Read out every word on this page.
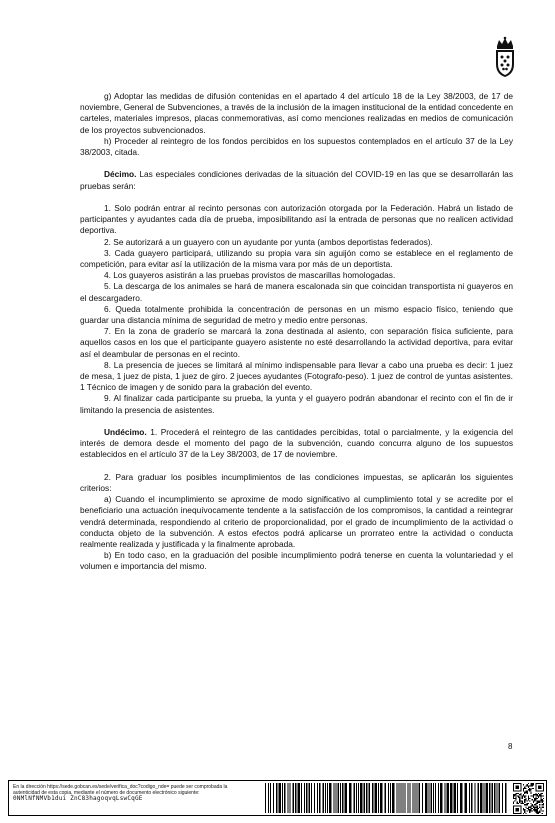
g) Adoptar las medidas de difusión contenidas en el apartado 4 del artículo 18 de la Ley 38/2003, de 17 de noviembre, General de Subvenciones, a través de la inclusión de la imagen institucional de la entidad concedente en carteles, materiales impresos, placas conmemorativas, así como menciones realizadas en medios de comunicación de los proyectos subvencionados.

h) Proceder al reintegro de los fondos percibidos en los supuestos contemplados en el artículo 37 de la Ley 38/2003, citada.

Décimo. Las especiales condiciones derivadas de la situación del COVID-19 en las que se desarrollarán las pruebas serán:

1. Solo podrán entrar al recinto personas con autorización otorgada por la Federación. Habrá un listado de participantes y ayudantes cada día de prueba, imposibilitando así la entrada de personas que no realicen actividad deportiva.

2. Se autorizará a un guayero con un ayudante por yunta (ambos deportistas federados).

3. Cada guayero participará, utilizando su propia vara sin aguijón como se establece en el reglamento de competición, para evitar así la utilización de la misma vara por más de un deportista.

4. Los guayeros asistirán a las pruebas provistos de mascarillas homologadas.

5. La descarga de los animales se hará de manera escalonada sin que coincidan transportista ni guayeros en el descargadero.

6. Queda totalmente prohibida la concentración de personas en un mismo espacio físico, teniendo que guardar una distancia mínima de seguridad de metro y medio entre personas.

7. En la zona de graderío se marcará la zona destinada al asiento, con separación física suficiente, para aquellos casos en los que el participante guayero asistente no esté desarrollando la actividad deportiva, para evitar así el deambular de personas en el recinto.

8. La presencia de jueces se limitará al mínimo indispensable para llevar a cabo una prueba es decir: 1 juez de mesa, 1 juez de pista, 1 juez de giro. 2 jueces ayudantes (Fotografo-peso). 1 juez de control de yuntas asistentes. 1 Técnico de imagen y de sonido para la grabación del evento.

9. Al finalizar cada participante su prueba, la yunta y el guayero podrán abandonar el recinto con el fin de ir limitando la presencia de asistentes.

Undécimo. 1. Procederá el reintegro de las cantidades percibidas, total o parcialmente, y la exigencia del interés de demora desde el momento del pago de la subvención, cuando concurra alguno de los supuestos establecidos en el artículo 37 de la Ley 38/2003, de 17 de noviembre.

2. Para graduar los posibles incumplimientos de las condiciones impuestas, se aplicarán los siguientes criterios:

a) Cuando el incumplimiento se aproxime de modo significativo al cumplimiento total y se acredite por el beneficiario una actuación inequívocamente tendente a la satisfacción de los compromisos, la cantidad a reintegrar vendrá determinada, respondiendo al criterio de proporcionalidad, por el grado de incumplimiento de la actividad o conducta objeto de la subvención. A estos efectos podrá aplicarse un prorrateo entre la actividad o conducta realmente realizada y justificada y la finalmente aprobada.

b) En todo caso, en la graduación del posible incumplimiento podrá tenerse en cuenta la voluntariedad y el volumen e importancia del mismo.

8
En la dirección https://sede.gobcan.es/sede/verifica_doc?codigo_nde= puede ser comprobada la autenticidad de esta copia, mediante el número de documento electrónico siguiente: 0NMlNfNMVb1dui ZnC83hagoqvqLswCqGE
